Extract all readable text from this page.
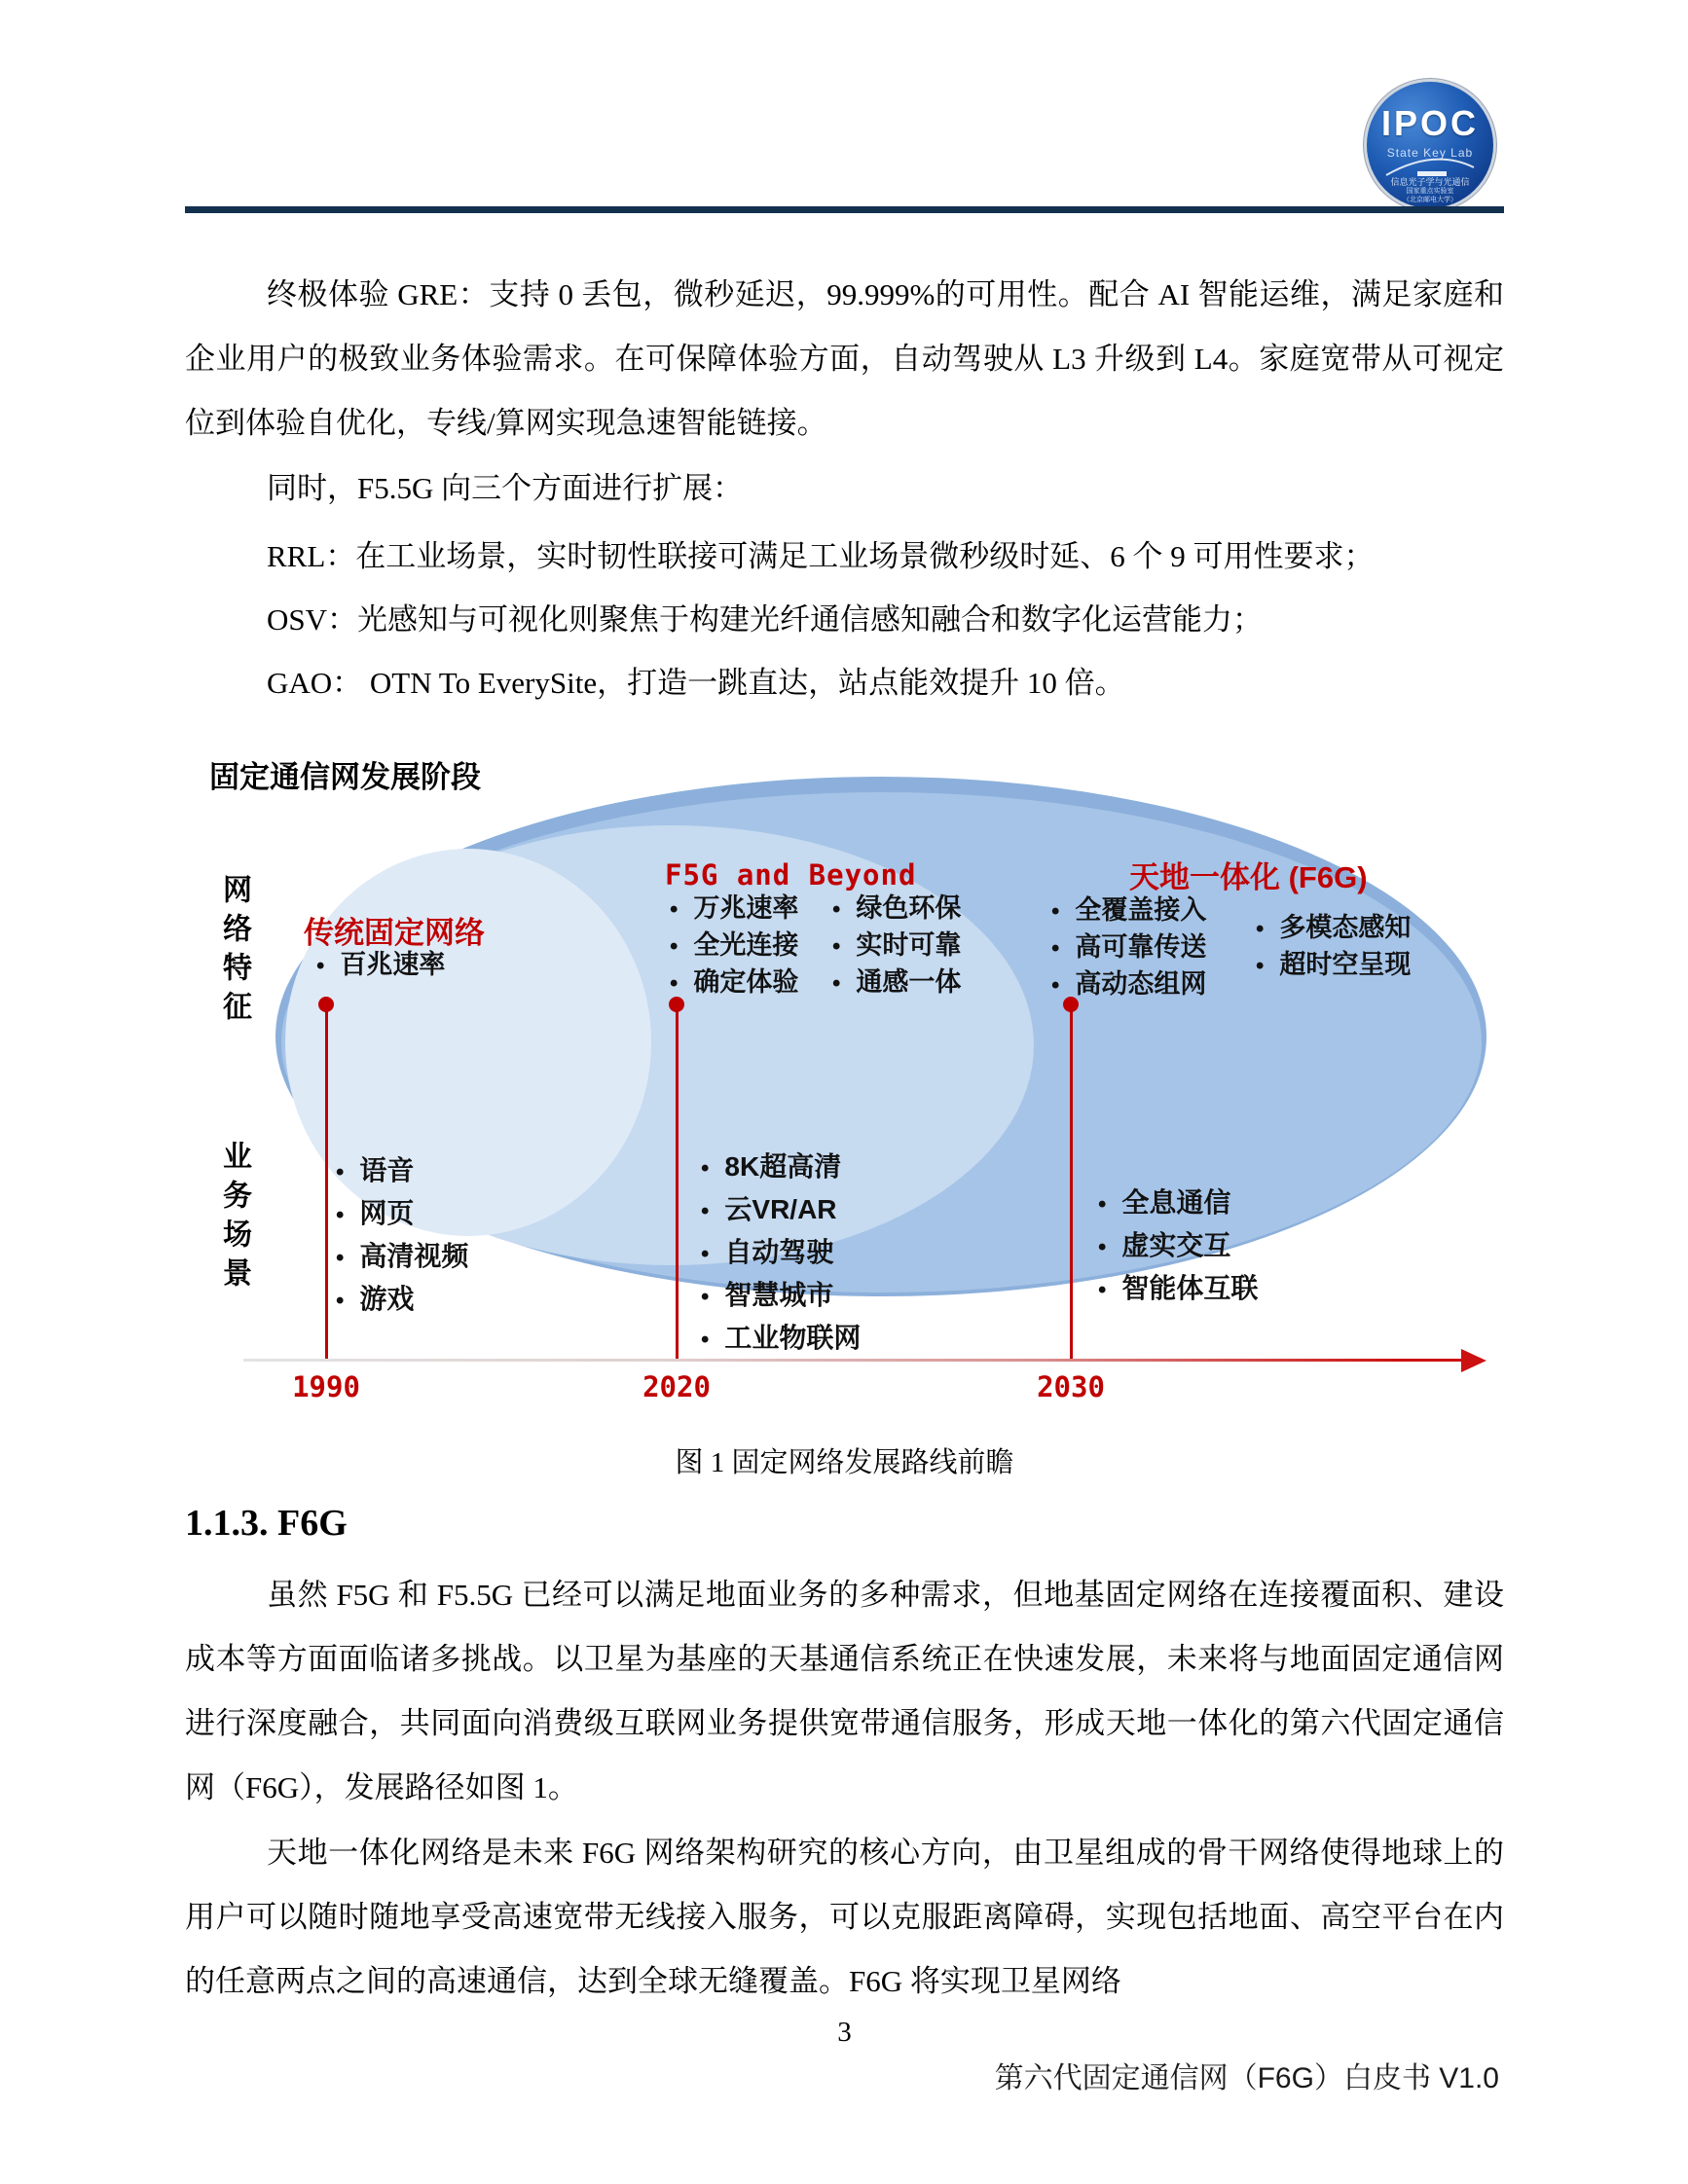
IPOC
State Key Lab
信息光子学与光通信
国家重点实验室
（北京邮电大学）

终极体验 GRE：支持 0 丢包，微秒延迟，99.999%的可用性。配合 AI 智能运维，满足家庭和企业用户的极致业务体验需求。在可保障体验方面，自动驾驶从 L3 升级到 L4。家庭宽带从可视定位到体验自优化，专线/算网实现急速智能链接。

同时，F5.5G 向三个方面进行扩展：

RRL：在工业场景，实时韧性联接可满足工业场景微秒级时延、6 个 9 可用性要求；

OSV：光感知与可视化则聚焦于构建光纤通信感知融合和数字化运营能力；

GAO： OTN To EverySite，打造一跳直达，站点能效提升 10 倍。

固定通信网发展阶段
网络特征
业务场景
传统固定网络
F5G and Beyond	天地一体化 (F6G)
• 百兆速率
• 万兆速率
• 全光连接
• 确定体验
• 绿色环保
• 实时可靠
• 通感一体
• 全覆盖接入
• 高可靠传送
• 高动态组网
• 多模态感知
• 超时空呈现
• 语音
• 网页
• 高清视频
• 游戏
• 8K超高清
• 云VR/AR
• 自动驾驶
• 智慧城市
• 工业物联网
• 全息通信
• 虚实交互
• 智能体互联
1990	2020	2030

图 1 固定网络发展路线前瞻

1.1.3. F6G

虽然 F5G 和 F5.5G 已经可以满足地面业务的多种需求，但地基固定网络在连接覆面积、建设成本等方面面临诸多挑战。以卫星为基座的天基通信系统正在快速发展，未来将与地面固定通信网进行深度融合，共同面向消费级互联网业务提供宽带通信服务，形成天地一体化的第六代固定通信网（F6G），发展路径如图 1。

天地一体化网络是未来 F6G 网络架构研究的核心方向，由卫星组成的骨干网络使得地球上的用户可以随时随地享受高速宽带无线接入服务，可以克服距离障碍，实现包括地面、高空平台在内的任意两点之间的高速通信，达到全球无缝覆盖。F6G 将实现卫星网络

3

第六代固定通信网（F6G）白皮书 V1.0
